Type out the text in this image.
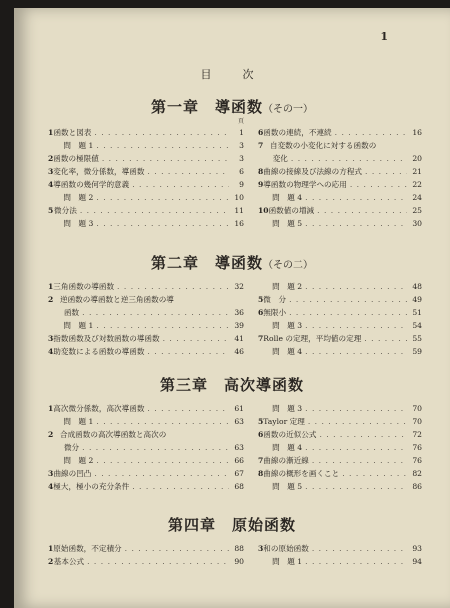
1
目　次
頁
第一章　導函数（その一）
1 函数と図表 . . .	1
問　題 1 . . .	3
2 函数の極限値 . . .	3
3 変化率，微分係数，導函数 . . .	6
4 導函数の幾何学的意義 . . .	9
問　題 2 . . .	10
5 微分法 . . .	11
問　題 3 . . .	16
6 函数の連続，不連続 . . .	16
7 自変数の小変化に対する函数の
変化 . . .	20
8 曲線の接線及び法線の方程式 . . .	21
9 導函数の物理学への応用 . . .	22
問　題 4 . . .	24
10 函数値の増減 . . .	25
問　題 5 . . .	30
第二章　導函数（その二）
1 三角函数の導函数 . . .	32
2 逆函数の導函数と逆三角函数の導
函数 . . .	36
問　題 1 . . .	39
3 指数函数及び対数函数の導函数 . . .	41
4 助変数による函数の導函数 . . .	46
問　題 2 . . .	48
5 微　分 . . .	49
6 無限小 . . .	51
問　題 3 . . .	54
7 Rolle の定理，平均値の定理 . . .	55
問　題 4 . . .	59
第三章　高次導函数
1 高次微分係数，高次導函数 . . .	61
問　題 1 . . .	63
2 合成函数の高次導函数と高次の
微分 . . .	63
問　題 2 . . .	66
3 曲線の凹凸 . . .	67
4 極大，極小の充分条件 . . .	68
問　題 3 . . .	70
5 Taylor 定理 . . .	70
6 函数の近似公式 . . .	72
問　題 4 . . .	76
7 曲線の漸近線 . . .	76
8 曲線の概形を画くこと . . .	82
問　題 5 . . .	86
第四章　原始函数
1 原始函数，不定積分 . . .	88
2 基本公式 . . .	90
3 和の原始函数 . . .	93
問　題 1 . . .	94
